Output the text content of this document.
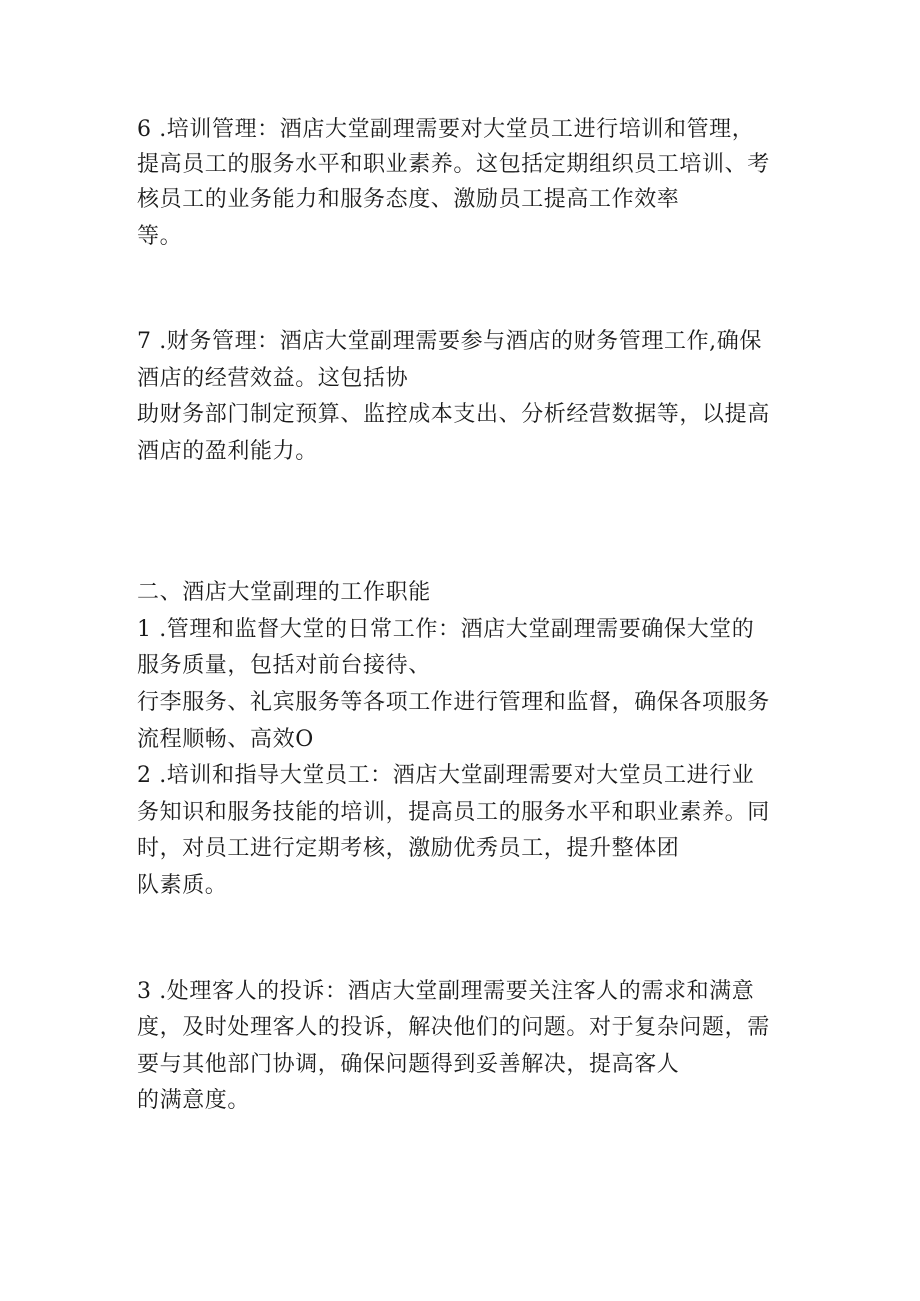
6 .培训管理：酒店大堂副理需要对大堂员工进行培训和管理，
提高员工的服务水平和职业素养。这包括定期组织员工培训、考
核员工的业务能力和服务态度、激励员工提高工作效率
等。
7 .财务管理：酒店大堂副理需要参与酒店的财务管理工作,确保
酒店的经营效益。这包括协
助财务部门制定预算、监控成本支出、分析经营数据等，以提高
酒店的盈利能力。
二、酒店大堂副理的工作职能
1 .管理和监督大堂的日常工作：酒店大堂副理需要确保大堂的
服务质量，包括对前台接待、
行李服务、礼宾服务等各项工作进行管理和监督，确保各项服务
流程顺畅、高效O
2 .培训和指导大堂员工：酒店大堂副理需要对大堂员工进行业
务知识和服务技能的培训，提高员工的服务水平和职业素养。同
时，对员工进行定期考核，激励优秀员工，提升整体团
队素质。
3 .处理客人的投诉：酒店大堂副理需要关注客人的需求和满意
度，及时处理客人的投诉，解决他们的问题。对于复杂问题，需
要与其他部门协调，确保问题得到妥善解决，提高客人
的满意度。
